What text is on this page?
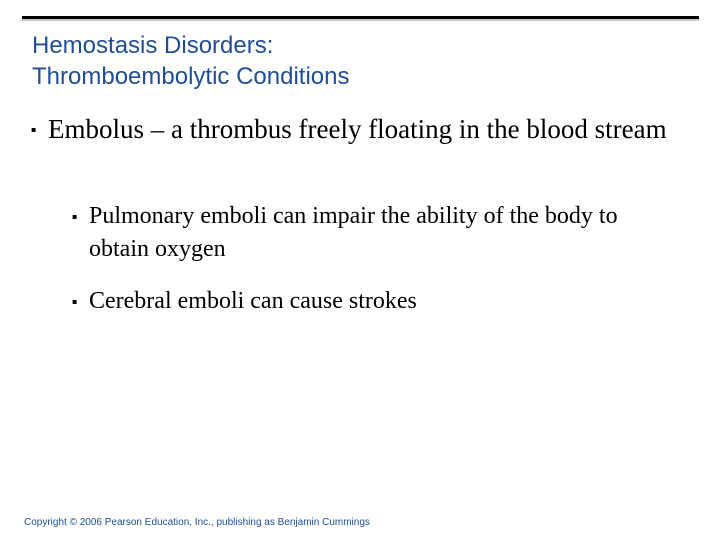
Hemostasis Disorders:
Thromboembolytic Conditions
▪ Embolus – a thrombus freely floating in the blood stream
▪ Pulmonary emboli can impair the ability of the body to obtain oxygen
▪ Cerebral emboli can cause strokes
Copyright © 2006 Pearson Education, Inc., publishing as Benjamin Cummings
